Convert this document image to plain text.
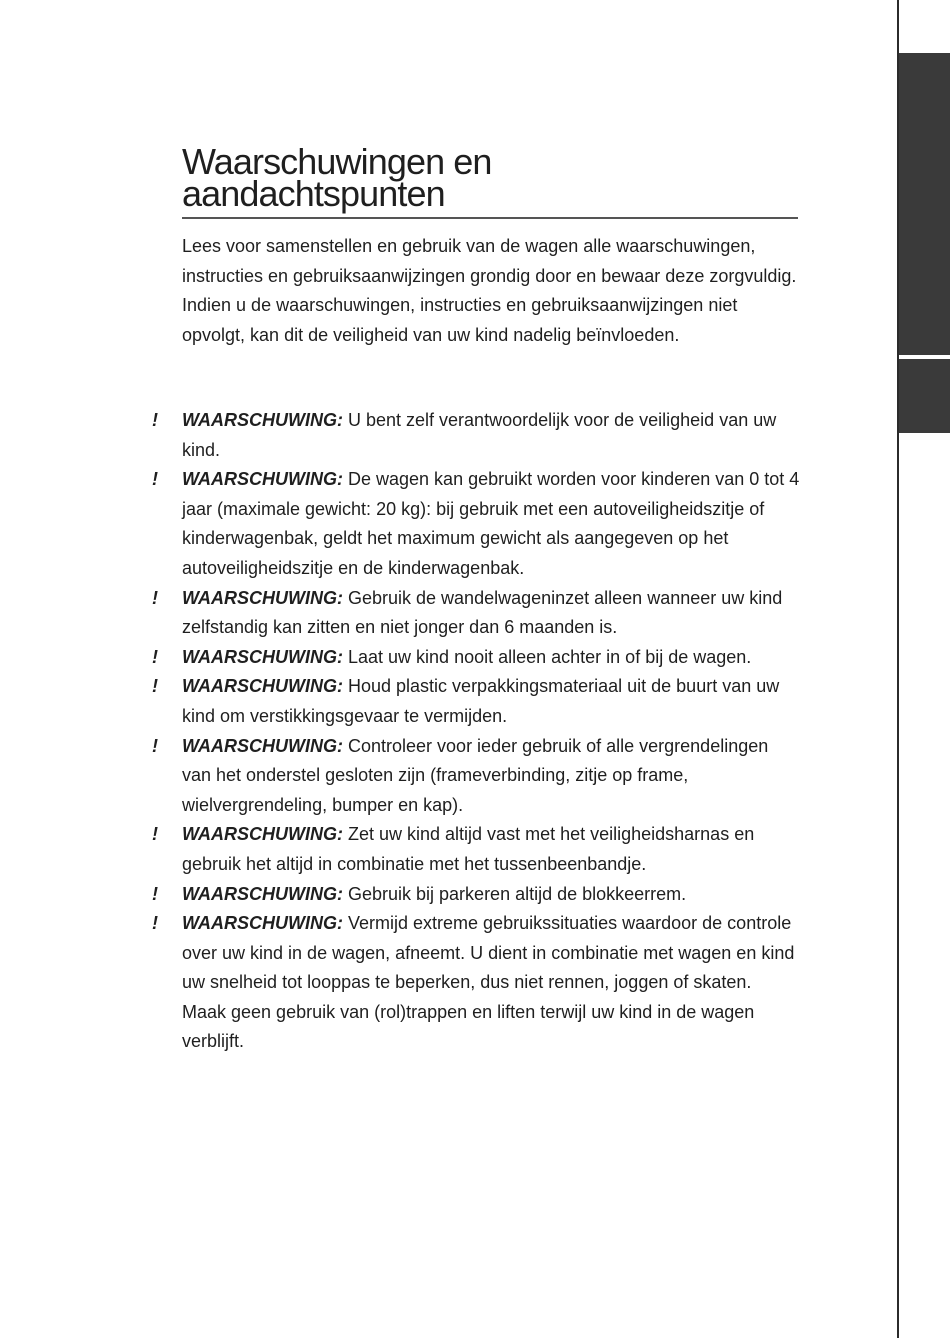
Waarschuwingen en
aandachtspunten

Lees voor samenstellen en gebruik van de wagen alle waarschuwingen, instructies en gebruiksaanwijzingen grondig door en bewaar deze zorgvuldig. Indien u de waarschuwingen, instructies en gebruiksaanwijzingen niet opvolgt, kan dit de veiligheid van uw kind nadelig beïnvloeden.

! WAARSCHUWING: U bent zelf verantwoordelijk voor de veiligheid van uw kind.
! WAARSCHUWING: De wagen kan gebruikt worden voor kinderen van 0 tot 4 jaar (maximale gewicht: 20 kg): bij gebruik met een autoveiligheidszitje of kinderwagenbak, geldt het maximum gewicht als aangegeven op het autoveiligheidszitje en de kinderwagenbak.
! WAARSCHUWING: Gebruik de wandelwageninzet alleen wanneer uw kind zelfstandig kan zitten en niet jonger dan 6 maanden is.
! WAARSCHUWING: Laat uw kind nooit alleen achter in of bij de wagen.
! WAARSCHUWING: Houd plastic verpakkingsmateriaal uit de buurt van uw kind om verstikkingsgevaar te vermijden.
! WAARSCHUWING: Controleer voor ieder gebruik of alle vergrendelingen van het onderstel gesloten zijn (frameverbinding, zitje op frame, wielvergrendeling, bumper en kap).
! WAARSCHUWING: Zet uw kind altijd vast met het veiligheidsharnas en gebruik het altijd in combinatie met het tussenbeenbandje.
! WAARSCHUWING: Gebruik bij parkeren altijd de blokkeerrem.
! WAARSCHUWING: Vermijd extreme gebruikssituaties waardoor de controle over uw kind in de wagen, afneemt. U dient in combinatie met wagen en kind uw snelheid tot looppas te beperken, dus niet rennen, joggen of skaten. Maak geen gebruik van (rol)trappen en liften terwijl uw kind in de wagen verblijft.
